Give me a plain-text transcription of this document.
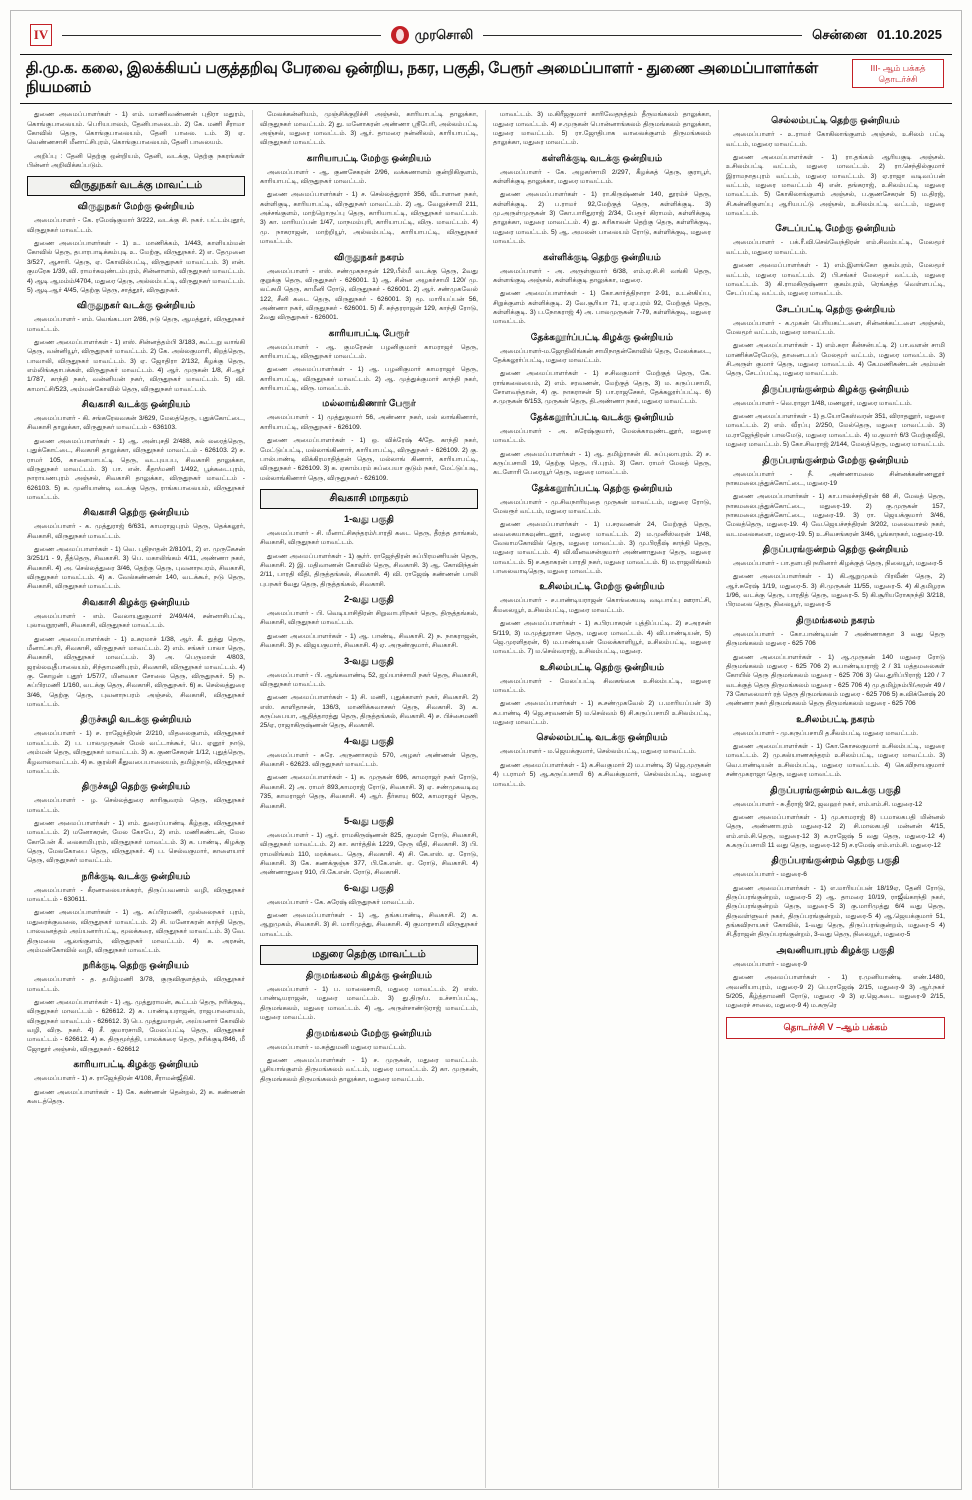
IV	முரசொலி	சென்னை 01.10.2025
தி.மு.க. கலை, இலக்கியப் பகுத்தறிவு பேரவை ஒன்றிய, நகர, பகுதி, பேரூர் அமைப்பாளர் - துணை அமைப்பாளர்கள் நியமனம்
III- ஆம் பக்கத் தொடர்ச்சி

துணை அமைப்பாளர்கள் - 1) எம். மாணிவண்ணன் புதிரா மதுரம், கொங்குபாலையம். பெரியபாலம், தேனிபாலைடம். 2) கே. மணி சீராமா கோவில் தெரு, கொங்குபாலையம், தேனி பாலை. டம். 3) ஏ. வெண்ணசாசி மீனாட்சிபுரம், கொங்குபாலையம், தேனி பாலையம்.

அறிப்பு : தேனி தெற்கு ஒன்றியம், தேனி, வடக்கு, தெற்கு நகரங்கள் பின்னர் அறிவிக்கப்படும்.

விருதுநகர் வடக்கு மாவட்டம்
விருதுநகர் மேற்கு ஒன்றியம்

அமைப்பாளர் - கே. ரமேஷ்குமார் 3/222, வடக்கு சி. நகர். பட்டம்புதூர், விருதுநகர் மாவட்டம்.

துணை அமைப்பாளர்கள் - 1) உ. மாணிக்கம், 1/443, காளியம்மன் கோவில் தெரு, தபாரபாடிக்கம்புடி உ. மேற்கு, விருதுநகர். 2) எ. தேமுனை 3/527, ஆசாரி. தெரு, ஏ. கோவில்பட்டி, விருதுநகர் மாவட்டம். 3) என். குமரேசு 1/39, வி. ராமர்கவுண்டம்புரம், சின்னாளம், விருதுநகர் மாவட்டம். 4) ஆடி ஆமம்ம்/4704, மதுரை தெரு, அல்லம்பட்டி, விருதுநகர் மாவட்டம். 5) ஆடி.ஆர் 4/45, தெற்கு தெரு, சாத்தூர், விருதுநகர்.

விருதுநகர் வடக்கு ஒன்றியம்

அமைப்பாளர் - எம். வெங்கடமா 2/86, நடு தெரு, ஆமத்தூர், விருதுநகர் மாவட்டம்.

துணை அமைப்பாளர்கள் - 1) எஸ். சின்னத்தம்பி 3/183, கூட்டறு வாங்கி தெரு, வன்னியூர், விருதுநகர் மாவட்டம். 2) கே. அல்லகுமாரி, கிறத்தெரு, பாவாலி, விருதுநகர் மாவட்டம். 3) ஏ. ஜோதிரா 2/132, கீழக்கு தெரு, எம்லிங்கதாபக்கள், விருதுநகர் மாவட்டம். 4) ஆர். முருகன் 1/8, சி.ஆர் 1/787, காந்தி நகர், வன்னியன் நகர், விருதுநகர் மாவட்டம். 5) வி. காமாட்சி/523, அம்மன்கோவில் தெரு, விருதுநகர் மாவட்டம்.

சிவகாசி வடக்கு ஒன்றியம்

அமைப்பாளர் - கி. சங்கரேலவகன் 3/629, மேலத்தெரு, புதுக்கோட்டை, சிவகாசி தாலுக்கா, விருதுநகர் மாவட்டம் - 636103.

துணை அமைப்பாளர்கள் - 1) ஆ. அன்புசதி 2/488, கல் லரைத்தெரு, புதுக்கோட்டை, சிவகாசி தாலுக்கா, விருதுநகர் மாவட்டம் - 626103. 2) ச. ராமர் 105, காளையாபட்டி தெரு, வடபுயபப, சிவகாசி தாலுக்கா, விருதுநகர் மாவட்டம். 3) பா. என். கீதா/மணி 1/492, பூக்கடைபுரம், நாராயணபுரம் அஞ்சல், சிவகாசி தாலுக்கா, விருதுநகர் மாவட்டம் - 626103. 5) க. முனியாண்டி வடக்கு தெரு, ராங்கபாலையம், விருதுநகர் மாவட்டம்.

சிவகாசி தெற்கு ஒன்றியம்

அமைப்பாளர் - க. முத்துராஜ் 6/631, காமராஜபுரம் தெரு, தெக்கலூர், சிவகாசி, விருதுநகர் மாவட்டம்.

துணை அமைப்பாளர்கள் - 1) வெ. புதிநாதன் 2/810/1, 2) எ. முருகேசன் 3/251/1 - 9, தீத்தெரு, சிவகாசி. 3) பெ. மகாலிங்கம் 4/11, அண்ணா நகர், சிவகாசி. 4) அ. செல்லத்துரை 3/46, தெற்கு தெரு, புவனாநபரம், சிவகாசி, விருதுநகர் மாவட்டம். 4) க. வேல்கண்ணன் 140, வடக்கூர், நடு தெரு, சிவகாசி, விருதுநகர் மாவட்டம்.

சிவகாசி கிழக்கு ஒன்றியம்

அமைப்பாளர் - எம். வேலாயுதுகுமார் 2/49/4/4, சன்னாசிபட்டி, புலாவநூரணி, சிவகாசி, விருதுநகர் மாவட்டம்.

துணை அமைப்பாளர்கள் - 1) உகரமாச் 1/38, ஆர். கீ. துத்து தெரு, மீனாட்சபுரி, சிவகாசி, விருதுநகர் மாவட்டம். 2) எம். சங்கர் பாலா தெரு, சிவகாசி, விருதுநகர் மாவட்டம். 3) அ. பெருமாள் 4/803, ஜரல்லவுதீபாலையம், சிந்தாமணிபுரம், சிவகாசி, விருதுநகர் மாவட்டம். 4) கு. கோழன் புதூர் 1/57/7, மினவகா சோலை தெரு, விருதுநகர். 5) ந. சுப்பிரமணி 1/160, வடக்கு தெரு, சிவகாசி, விருதுநகர். 6) க. செல்லத்துரை 3/46, தெற்கு தெரு, புவனாநபரம் அஞ்சல், சிவகாசி, விருதுநகர் மாவட்டம்.

திருச்சுழி வடக்கு ஒன்றியம்

அமைப்பாளர் - 1) ச. ராஜேந்திரன் 2/210, மிதலைகுளம், விருதுநகர் மாவட்டம். 2) ப. பாலமுருகன் மேல் வட்டாக்கூர், பெ. ஏனூர் நாடு, அம்மன் தெரு, விருதுநகர் மாவட்டம். 3) க. குணசேகரன் 1/12, புதுத்தெரு, கீழவாலாவட்டம். 4) சு. குரல்சி கீதுவபைபாலையம், தமிழ்நாடு, விருதுநகர் மாவட்டம்.

திருச்சுழி தெற்கு ஒன்றியம்

அமைப்பாளர் - ழ. செல்லத்துரை காரிசூவரம் தெரு, விருதுநகர் மாவட்டம்.

துணை அமைப்பாளர்கள் - 1) எம். துரைப்பாண்டி கீழ்தகு, விருதுநகர் மாவட்டம். 2) மனோகரன், மேல கோபே, 2) எம். மணிகண்டன், மேல கோபேன் கீ. லைகாமிபுரம், விருதுநகர் மாவட்டம். 3) க. பாண்டி, கிழக்கு தெரு, மேலகோபை தெரு, விருதுநகர். 4) ப. செல்வகுமார், காளையார் தெரு, விருதுநகர் மாவட்டம்.

நரிக்குடி வடக்கு ஒன்றியம்

அமைப்பாளர் - கீரனாலையாக்கரர், திருப்பவணம் வழி, விருதுநகர் மாவட்டம் - 630611.

துணை அமைப்பாளர்கள் - 1) ஆ. சுப்பிரமணி, முல்லைநகர் புரம், மதுரைக்குவலை, விருதுநகர் மாவட்டம். 2) சி. மனோகரன் காந்தி தெரு, பாலவனத்தம் அய்யனார்பட்டி, மூலக்கரை, விருதுநகர் மாவட்டம். 3) வே. திருமலை ஆலங்குளம், விருதுநகர் மாவட்டம். 4) சு. அரசன், அம்மன்கோவில் வழி, விருதுநகர் மாவட்டம்.

நரிக்குடி தெற்கு ஒன்றியம்

அமைப்பாளர் - த. தமிழ்மணி 3/78, குருவிகுளத்தம், விருதுநகர் மாவட்டம்.

துணை அமைப்பாளர்கள் - 1) ஆ. முத்துராமன், கூட்டம் தெரு, நரிக்குடி, விருதுநகர் மாவட்டம் - 626612. 2) க. பாண்டியராஜன், ராஜபாளையம், விருதுநகர் மாவட்டம் - 626612. 3) பெ. முத்துமாறன், அய்யனார் கோவில் வழி, விரு. நகர். 4) சீ. குமாரசாமி, மேலப்பட்டி தெரு, விருதுநகர் மாவட்டம் - 626612. 4) சு. திருமூர்த்தி, பாலக்கரை தெரு, நரிக்குடி/846, மீ ஜோதூர் அஞ்சல், விருதுநகர் - 626612

காரியாபட்டி கிழக்கு ஒன்றியம்

அமைப்பாளர் - 1) ச. ராஜேந்திரன் 4/108, சீராமன்ஜீதிகி.

துணை அமைப்பாளர்கள் - 1) கே. கண்ணன் தென்றல், 2) க. கண்ணன் கடைத்தெரு.

மேலக்கன்னியம், முஞ்சிக்குறிச்சி அஞ்சல், காரியாபட்டி தாலுக்கா, விருதுநகர் மாவட்டம். 2) து. மனோகரன் அண்ணா ஸ்ரீபேரி, அல்லம்பட்டி அஞ்சல், மதுரை மாவட்டம். 3) ஆர். தாமரை நன்னிலம், காரியாபட்டி, விருதுநகர் மாவட்டம்.

காரியாபட்டி மேற்கு ஒன்றியம்

அமைப்பாளர் - ஆ. குணசேகரன் 2/96, வக்கணாளம் குன்றிகிகுளம், காரியாபட்டி, விருதுநகர் மாவட்டம்.

துணை அமைப்பாளர்கள் - 1) ச. செல்லத்துரார் 356, வீடாளான நகர், கள்ளிகுடி, காரியாபட்டி, விருதுநகர் மாவட்டம். 2) ஆ. வேலுச்சாமி 211, அச்சங்குளம், மாற்றொருப்பு தெரு, காரியாபட்டி, விருதுநகர் மாவட்டம். 3) கா. மாரியப்பன் 1/47, மாநமம்புரி, காரியாபட்டி, விரு. மாவட்டம். 4) மு. நாகராஜன், மாற்றியூர், அல்லம்பட்டி, காரியாபட்டி, விருதுநகர் மாவட்டம்.

விருதுநகர் நகரம்

அமைப்பாளர் - எஸ். சண்முகநாதன் 129,பீல்மீ வடக்கு தெரு, 2வது குறுக்கு தெரு, விருதுநகர் - 626001. 1) ஆ. சின்ன அழகர்சாமி 120/ மு. லட்சுமி தெரு, காமீனி ரோடு, விருதுநகர் - 626001. 2) ஆர். சண்முகவேல் 122, சீனி கடை தெரு, விருதுநகர் - 626001. 3) மூ. மாரியப்பன் 56, அண்ணா நகர், விருதுநகர் - 626001. 5) சீ. சுந்தரராஜன் 129, காந்தி ரோடு, 2வது விருதுநகர் - 626001.

காரியாபட்டி பேரூர்

அமைப்பாளர் - ஆ. குமரேசன் பழனிகுமார் காமராஜர் தெரு, காரியாபட்டி, விருதுநகர் மாவட்டம்.

துணை அமைப்பாளர்கள் - 1) ஆ. பழனிகுமார் காமராஜர் தெரு, காரியாபட்டி, விருதுநகர் மாவட்டம். 2) ஆ. முத்துக்குமார் காந்தி நகர், காரியாபட்டி, விரு. மாவட்டம்.

மல்லாங்கிணார் பேரூர்

அமைப்பாளர் - 1) முத்துகுமார் 56, அண்ணா நகர், மல் லாங்கிணார், காரியாபட்டி, விருதுநகர் - 626109.

துணை அமைப்பாளர்கள் - 1) ஒ. விக்ரேஷ் 4/தே. காந்தி நகர், மேட்டுப்பட்டி, மல்லாங்கிணார், காரியாபட்டி, விருதுநகர் - 626109. 2) கு. பால்பாண்டி விக்கிரமாதித்தன் தெரு, மல்லாங் கிணார், காரியாபட்டி, விருதுநகர் - 626109. 3) க. ஏகாம்பரம் சுப்பையா குடும் நகர், மேட்டுப்படி, மல்லாங்கிணார் தெரு, விருதுநகர் - 626109.

சிவகாசி மாநகரம்
1-வது பகுதி

அமைப்பாளர் - சி. மீனாட்சிசுந்தரம்/பாரதி கடை தெரு, தீரத்த தாங்கல், சிவகாசி, விருதுநகர் மாவட்டம்.

துணை அமைப்பாளர்கள் - 1) சூர்ர். ராஜேந்திரன் சுப்பிரமணியன் தெரு, சிவகாசி. 2) இ. மதிவாணன் கோவில் தெரு, சிவகாசி. 3) ஆ. கோவிந்தன் 2/11, பாரதி வீதி, திருத்தங்கல், சிவகாசி. 4) வி. ராஜேஷ் கண்ணன் பாலி புபநகர் 6வது தெரு, திருத்தங்கல், சிவகாசி.

2-வது பகுதி

அமைப்பாளர் - பி. வெடியாசிதிரன் சிறுவாபுரிநகர் தெரு, திருத்தங்கல், சிவகாசி, விருதுநகர் மாவட்டம்.

துணை அமைப்பாளர்கள் - 1) ஆ. பாண்டி, சிவகாசி. 2) ந. நாகராஜன், சிவகாசி. 3) ந. விஜயகுமார், சிவகாசி. 4) ஏ. அருண்குமார், சிவகாசி.

3-வது பகுதி

அமைப்பாளர் - பி. ஆங்கவாண்டி 52, ஐய்யாச்சாமி நகர் தெரு, சிவகாசி, விருதுநகர் மாவட்டம்.

துணை அமைப்பாளர்கள் - 1) சி. மணி, புதுக்காளர் நகர், சிவகாசி. 2) எஸ். காளிதாசன், 136/3, மாணிக்கவாசகர் தெரு, சிவகாசி. 3) க. கருப்பையா, ஆதித்தாரத்து தெரு, திருத்தங்கல், சிவகாசி. 4) ச. பிச்சைமணி 25/ஏ, ராஜாகிருஷ்ணன் தெரு, சிவகாசி.

4-வது பகுதி

அமைப்பாளர் - சுரே. அருணாகரம் 570, அழகர் அண்ணன் தெரு, சிவகாசி - 62623. விருதுநகர் மாவட்டம்.

துணை அமைப்பாளர்கள் - 1) க. முருகன் 696, காமராஜர் நகர் ரோடு, சிவகாசி. 2) அ. ராமர் 893,காமராஜ் ரோடு, சிவகாசி. 3) ஏ. சண்முகவடிவு 735, காமராஜர் தெரு, சிவகாசி. 4) ஆர். தீர்காயு 602, காமராஜர் தெரு, சிவகாசி.

5-வது பகுதி

அமைப்பாளர் - 1) ஆர். ராமகிருஷ்ணன் 825, குமரன் ரோடு, சிவகாசி, விருதுநகர் மாவட்டம். 2) கா. கார்த்திக் 1229, நேரு வீதி, சிவகாசி. 3) பி. ராமலிங்கம் 110, மரக்கடை தெரு, சிவகாசி. 4) சி. கே.எஸ். ஏ. ரோடு, சிவகாசி. 3) கே. கணக்குஞ்சு 377, பி.கே.என். ஏ. ரோடு, சிவகாசி. 4) அண்ணாதுரை 910, பி.கே.என். ரோடு, சிவகாசி.

6-வது பகுதி

அமைப்பாளர் - கே. சுரேஷ் விருதுநகர் மாவட்டம்.

துணை அமைப்பாளர்கள் - 1) ஆ. தங்கபாண்டி, சிவகாசி. 2) க. ஆறுமுகம், சிவகாசி. 3) சி. மாரிமுத்து, சிவகாசி. 4) குமாரசாமி விருதுநகர் மாவட்டம்.

மதுரை தெற்கு மாவட்டம்
திருமங்கலம் கிழக்கு ஒன்றியம்

அமைப்பாளர் - 1) ப. மாலைசாமி, மதுரை மாவட்டம். 2) எஸ். பாண்டியராஜன், மதுரை மாவட்டம். 3) து.திரு/ப. உச்சாப்பட்டி, திருமங்கலம், மதுரை மாவட்டம். 4) ஆ. அருள்சாண்டுராஜ் மாவட்டம், மதுரை மாவட்டம்.

திருமங்கலம் மேற்கு ஒன்றியம்

அமைப்பாளர் - ம.கத்துமனி மதுரை மாவட்டம்.

துணை அமைப்பாளர்கள் - 1) ச. முருகன், மதுரை மாவட்டம். பூசியாங்குளம் திருமங்கலம் வட்டம், மதுரை மாவட்டம். 2) கா. முருகன், திருமங்கலம் திருமங்கலம் தாலுக்கா, மதுரை மாவட்டம்.

மாவட்டம். 3) ம.கிரீஜகுமார் காரிவேதநத்தம் தீருமங்கலம் தாலுக்கா, மதுரை மாவட்டம். 4) ச.முருகன் பொன்னாங்கலம் திருமங்கலம் தாலுக்கா, மதுரை மாவட்டம். 5) ரா.ஜோதிபாக வாலைக்குளம் திருமங்கலம் தாலுக்கா, மதுரை மாவட்டம்.

கள்ளிக்குடி வடக்கு ஒன்றியம்

அமைப்பாளர் - கே. அழகர்சாமி 2/297, கீழக்கத் தெரு, குராபூர், கள்ளிக்குடி தாலுக்கா, மதுரை மாவட்டம்.

துணை அமைப்பாளர்கள் - 1) ரா.கிருஷ்ணன் 140, தூரம்ச் தெரு, கள்ளிக்குடி. 2) ப.ராமர் 92,மேற்குத் தெரு, கள்ளிக்குடி. 3) மு.அருள்முருகன் 3) கோ.பாரிதுராஜ் 2/34, பேரூர் கிராமம், கள்ளிக்குடி தாலுக்கா, மதுரை மாவட்டம். 4) து. கரிகாலன் தெற்கு தெரு, கள்ளிக்குடி, மதுரை மாவட்டம். 5) ஆ. அமலன் பாலையம் ரோடு, கள்ளிக்குடி, மதுரை மாவட்டம்.

கள்ளிக்குடி தெற்கு ஒன்றியம்

அமைப்பாளர் - அ. அருள்குமார் 6/38, எம்.ஏ.சி.சி வங்கி தெரு, கள்ளங்குடி அஞ்சல், கள்ளிக்குடி தாலுக்கா, மதுரை.

துணை அமைப்பாளர்கள் - 1) கோ.கார்த்திநாரா 2-91, உடன்கிய்ப, சிறுக்குளம் கள்ளிக்குடி. 2) வே.சூரியா 71, ஏ.ஏ.புரம் 92, மேற்குத் தெரு, கள்ளிக்குடி. 3) ப.நோகராஜ் 4) அ. பாலமுருகன் 7-79, கள்ளிக்குடி, மதுரை மாவட்டம்.

தேக்கலூர்ப்பட்டி கிழக்கு ஒன்றியம்

அமைப்பாளர்-ம.ஜோதிலிங்கன் சாமிநாதன்கோவில் தெரு, மேலக்கடை, தேக்கலூர்ப்பட்டி, மதுரை மாவட்டம்.

துணை அமைப்பாளர்கள் - 1) ச.சிவகுமார் மேற்குத் தெரு, கே. ராங்கலையைம், 2) எம். சரவணன், மேற்குத் தெரு, 3) ம. கருப்பசாமி, சோளவந்தான், 4) கு. நாகராசன் 5) பா.ராஜசேகர், தேக்கலூர்ப்பட்டி. 6) ச.முருகன் 6/153, முருகன் தெரு, தி.அண்ணா நகர், மதுரை மாவட்டம்.

தேக்கலூர்ப்பட்டி வடக்கு ஒன்றியம்

அமைப்பாளர் - அ. சுரேஷ்குமார், மேலக்காவுண்டனூர், மதுரை மாவட்டம்.

துணை அமைப்பாளர்கள் - 1) ஆ. தமிழ்ராசன் கி. சுப்புலாபுரம். 2) ச. கருப்பசாமி 19, தெற்கு தெரு, பி.புரம். 3) கோ. ராமர் மேலத் தெரு, கடளோரி பேரையூர் தெரு, மதுரை மாவட்டம்.

தேக்கலூர்ப்பட்டி தெற்கு ஒன்றியம்

அமைப்பாளர் - மு.சிவநாரியுதை முருகன் மாவட்டம், மதுரை ரோடு, மேலரூர் வட்டம், மதுரை மாவட்டம்.

துணை அமைப்பாளர்கள் - 1) ப.சரவணன் 24, மேற்குத் தெரு, வைகையாகவுண்டனூர், மதுரை மாவட்டம். 2) ம.முனீஸ்வரன் 1/48, வேலாமகோவில் தெரு, மதுரை மாவட்டம். 3) மு.பிரதீஷ் காந்தி தெரு, மதுரை மாவட்டம். 4) வி.வீனவசன்குமார் அண்ணாதுரை தெரு, மதுரை மாவட்டம். 5) ச.சுதாகரன் பாரதி நகர், மதுரை மாவட்டம். 6) ம.ராஜலிங்கம் பாலைவாடிதெரு, மதுரை மாவட்டம்.

உசிலம்பட்டி மேற்கு ஒன்றியம்

அமைப்பாளர் - ச.பாண்டியராஜன் கொங்கையடி வடிபாய்பு ஊராட்சி, கீமலையூர், உசிலம்பட்டி, மதுரை மாவட்டம்.

துணை அமைப்பாளர்கள் - 1) சு.பிரபாகரன் புத்திப்பட்டி. 2) ச.அரசன் 5/119, 3) ம.முத்துராசா தெரு, மதுரை மாவட்டம். 4) வி.பாண்டியன், 5) ஜெ.முரளிதரன், 6) ம.பாண்டியன் மேலக்காளியூர், உசிலம்பட்டி, மதுரை மாவட்டம். 7) ம.செல்வராஜ், உசிலம்பட்டி, மதுரை.

உசிலம்பட்டி தெற்கு ஒன்றியம்

அமைப்பாளர் - மேலப்பட்டி சிவகங்கை உசிலம்பட்டி, மதுரை மாவட்டம்.

துணை அமைப்பாளர்கள் - 1) சு.சண்முகவேல் 2) ப.மாரியப்பன் 3) சு.பாண்டி 4) ஜெ.சரவணன் 5) ம.செல்வம் 6) சி.கருப்பசாமி உசிலம்பட்டி, மதுரை மாவட்டம்.

செல்லம்பட்டி வடக்கு ஒன்றியம்

அமைப்பாளர் - ம.ஜெயக்குமார், செல்லம்பட்டி, மதுரை மாவட்டம்.

துணை அமைப்பாளர்கள் - 1) க.சிவகுமார் 2) ம.பாண்டி 3) ஜெ.முருகன் 4) ப.ராமர் 5) ஆ.கருப்பசாமி 6) க.சிவக்குமார், செல்லம்பட்டி, மதுரை மாவட்டம்.

செல்லம்பட்டி தெற்கு ஒன்றியம்

அமைப்பாளர் - உ.ராமர் கோகிலாங்குளம் அஞ்சல், உசிலம் பட்டி வட்டம், மதுரை மாவட்டம்.

துணை அமைப்பாளர்கள் - 1) ரா.தங்கம் ஆரியகுடி அஞ்சல். உசிலம்பட்டி வட்டம், மதுரை மாவட்டம். 2) ரா.செந்தில்குமார் இராமநாதபுரம் வட்டம், மதுரை மாவட்டம். 3) ஏ.ராஜா வடிவப்பன் வட்டம், மதுரை மாவட்டம் 4) என். தங்கராஜ், உசிலம்பட்டி மதுரை மாவட்டம். 5) கோகிலாங்குளம் அஞ்சல், ப.குணசேகரன் 5) ம.திரஜ், சி.கன்னிகுளப்பு ஆரியபட்டு அஞ்சல், உசிலம்பட்டி வட்டம், மதுரை மாவட்டம்.

சேடப்பட்டி மேற்கு ஒன்றியம்

அமைப்பாளர் - பக்.ரீ.வி.செல்வேந்திரன் எம்.சிவம்பட்டி, மேலமூர் வட்டம், மதுரை மாவட்டம்.

துணை அமைப்பாளர்கள் - 1) எம்.இளங்கோ குகம்புரம், மேலமூர் வட்டம், மதுரை மாவட்டம். 2) பி.சங்கர் மேலமூர் வட்டம், மதுரை மாவட்டம். 3) கி.ராமகிருஷ்ணா குகம்புரம், ரெங்கத்த வெள்ளபட்டி, சேடப்பட்டி வட்டம், மதுரை மாவட்டம்.

சேடப்பட்டி தெற்கு ஒன்றியம்

அமைப்பாளர் - க.முகன் பெரியகட்டளை, சின்னக்கட்டளை அஞ்சல், மேலமூர் வட்டம், மதுரை மாவட்டம்.

துணை அமைப்பாளர்கள் - 1) எம்.சுரா கீன்சன்பட்டி 2) பா.வளன் சாமி மாணிக்கரேமேடு, தானைடபப் மேலமூர் வட்டம், மதுரை மாவட்டம். 3) சி.அருள் குமார் தெரு, மதுரை மாவட்டம். 4) கே.மணிகண்டன் அம்மன் தெரு, சேடப்பட்டி, மதுரை மாவட்டம்.

திருப்பரங்குன்றம் கிழக்கு ஒன்றியம்

அமைப்பாளர் - வெ.ராஜா 1/48, மணலூர், மதுரை மாவட்டம்.

துணை அமைப்பாளர்கள் - 1) த.யோகேஸ்வரன் 351, விராதனூர், மதுரை மாவட்டம். 2) எம். வீரப்பு 2/250, மேல்தெரு, மதுரை மாவட்டம். 3) ம.ராஜேந்திரன் பாலமேடு, மதுரை மாவட்டம். 4) ம.குமார் 6/3 மேற்குவீதி, மதுரை மாவட்டம். 5) கோ.சிவராஜ் 2/144, மேலத்தெரு, மதுரை மாவட்டம்.

திருப்பரங்குன்றம் மேற்கு ஒன்றியம்

அமைப்பாளர் - நீ. அண்ணாமலை சின்னக்கண்ணனூர் நாகமலைபுத்துக்கோட்டை, மதுரை-19

துணை அமைப்பாளர்கள் - 1) கா.பாலச்சந்திரன் 68 சி, மேலத் தெரு, நாகமலைபுத்துக்கோட்டை, மதுரை-19. 2) கு.முருகன் 157, நாகமலைபுத்துக்கோட்டை, மதுரை-19. 3) ரா. ஜெயக்குமார் 3/46, மேலத்தெரு, மதுரை-19. 4) வே.ஜெயச்சந்திரன் 3/202, மலைவாசல் நகர், வடமலைகளை, மதுரை-19. 5) உ.சிவசங்கரன் 3/46, பூங்காநகர், மதுரை-19.

திருப்பரங்குன்றம் தெற்கு ஒன்றியம்

அமைப்பாளர் - பா.தளபதி நயினார் கிழக்குத் தெரு, நிலையூர், மதுரை-5

துணை அமைப்பாளர்கள் - 1) கி.ஆறுமுகம் பிரவீண் தெரு, 2) ஆர்.சுரேஷ் 1/19, மதுரை-5. 3) சி.முருகன் 11/55, மதுரை-5. 4) கி.தமிழரசு 1/96, வடக்கு தெரு, பாரதித் தெரு, மதுரை-5. 5) கி.சூரியரோகநந்தி 3/218, பிரமலை தெரு, நிலையூர், மதுரை-5

திருமங்கலம் நகரம்

அமைப்பாளர் - கோ.பாண்டியன் 7 அண்ணாசுதா 3 வது தெரு திருமங்கலம் மதுரை - 625 706

துணை அமைப்பாளர்கள் - 1) ஆ.முருகன் 140 மதுரை ரோடு திருமங்கலம் மதுரை - 625 706 2) க.பாண்டியராஜ் 2 / 31 மத்தமலைகள் கோயில் தெரு திருமங்கலம் மதுரை - 625 706 3) வெ.துரிப்பிராஜ் 120 / 7 வடக்குத் தெரு திருமங்கலம் மதுரை - 625 706 4) மு.தமிழ்நம்பி/அரன் 49 / 73 கோலைமார் ரத் தெரு திருமங்கலம் மதுரை - 625 706 5) சு.விக்னேஷ் 20 அண்ணா நகர் திருமங்கலம் தெரு திருமங்கலம் மதுரை - 625 706

உசிலம்பட்டி நகரம்

அமைப்பாளர் - மு.கருப்பசாமி த.சீலம்பட்டி மதுரை மாவட்டம்.

துணை அமைப்பாளர்கள் - 1) கோ.கோசலகுமார் உசிலம்பட்டி, மதுரை மாவட்டம். 2) மு.கல்யாணசுந்தரம் உசிலம்பட்டி, மதுரை மாவட்டம். 3) வெ.பாண்டியன் உசிலம்பட்டி, மதுரை மாவட்டம். 4) கெ.விநாயகுமார் சண்முகராஜா தெரு, மதுரை மாவட்டம்.

திருப்பரங்குன்றம் வடக்கு பகுதி

அமைப்பாளர் - சு.தீராஜ் 9/2, ஜவஹர் நகர், எம்.எம்.சி. மதுரை-12

துணை அமைப்பாளர்கள் - 1) மு.காமராஜ் 8) ப.மாலகபதி மின்னல் தெரு, அண்ணாபுரம் மதுரை-12 2) சி.மாலகபதி மன்னன் 4/15, எம்.எம்.சி.தெரு, மதுரை-12 3) சு.ராஜேஷ் 5 வது தெரு, மதுரை-12 4) சு.கருப்பசாமி 11 வது தெரு, மதுரை-12 5) ச.ரமேஷ் எம்.எம்.சி. மதுரை-12

திருப்பரங்குன்றம் தெற்கு பகுதி

அமைப்பாளர் - மதுரை-6

துணை அமைப்பாளர்கள் - 1) எ.மாரியப்பன் 18/19ஏ, தேனி ரோடு, திருப்பரங்குன்றம், மதுரை-5 2) ஆ. தாமரை 10/19, ராஜீவ்காந்தி நகர், திருப்பரங்குன்றம் தெரு, மதுரை-5 3) கு.மாரிமுத்து 6/4 வது தெரு, திருவள்ளுவர் நகர், திருப்பரங்குன்றம், மதுரை-5 4) ஆ.ஜெயக்குமார் 51, தங்கவிநாயகர் கோவில், 1-வது தெரு, திருப்பரங்குன்றம், மதுரை-5 4) சி.தீராஜன் திருப்பரங்குன்றம், 3-வது தெரு, நிலையூர், மதுரை-5

அவனியாபுரம் கிழக்கு பகுதி

அமைப்பாளர் - மதுரை-9

துணை அமைப்பாளர்கள் - 1) ர.முனியாண்டி எண்.1480, அவனியாபுரம், மதுரை-9 2) பெ.ராஜேஷ் 2/15, மதுரை-9 3) ஆர்.நகர் 5/205, கீழ்த்தாமணி ரோடு, மதுரை -9 3) ஏ.ஜெ.கடை மதுரை-9 2/15, மதுரைச் சாலை, மதுரை-9 4) ம.கருரெ

தொடர்ச்சி V –ஆம் பக்கம்
